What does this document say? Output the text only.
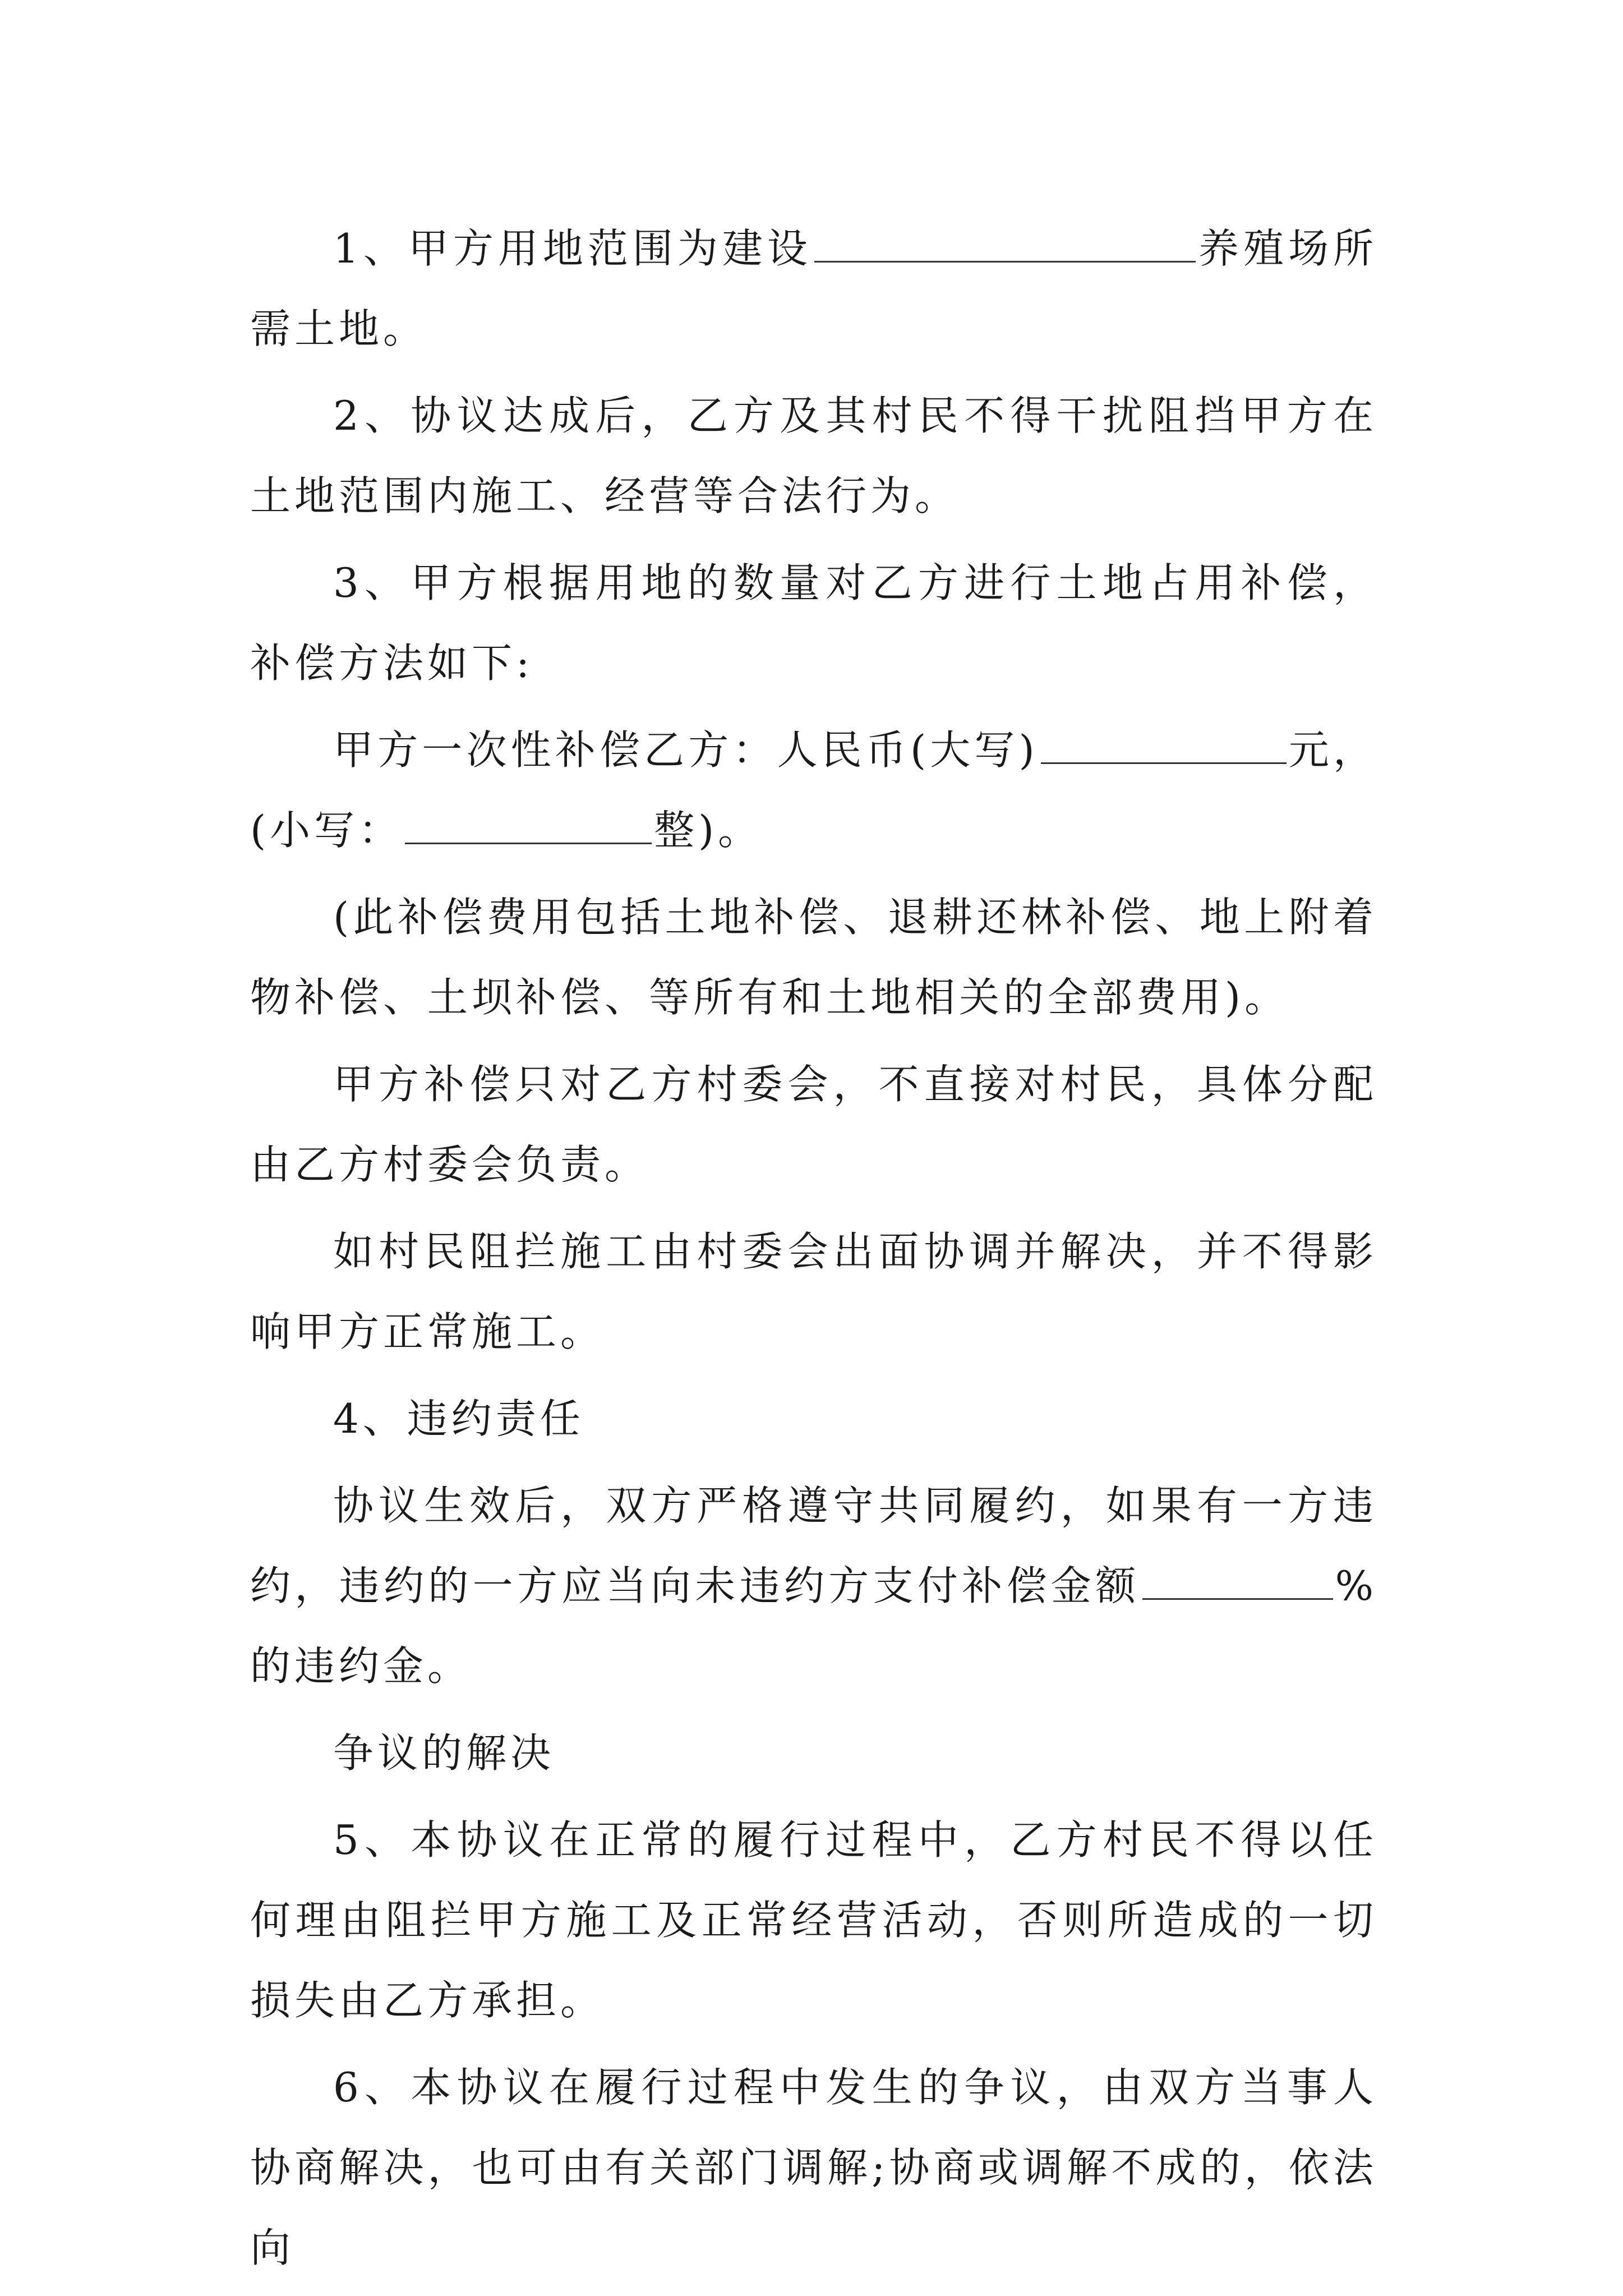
1、甲方用地范围为建设	养殖场所需土地。

2、协议达成后，乙方及其村民不得干扰阻挡甲方在土地范围内施工、经营等合法行为。

3、甲方根据用地的数量对乙方进行土地占用补偿，补偿方法如下:

甲方一次性补偿乙方：人民币(大写)	元，(小写：	整)。

(此补偿费用包括土地补偿、退耕还林补偿、地上附着物补偿、土坝补偿、等所有和土地相关的全部费用)。

甲方补偿只对乙方村委会，不直接对村民，具体分配由乙方村委会负责。

如村民阻拦施工由村委会出面协调并解决，并不得影响甲方正常施工。

4、违约责任

协议生效后，双方严格遵守共同履约，如果有一方违约，违约的一方应当向未违约方支付补偿金额	%的违约金。

争议的解决

5、本协议在正常的履行过程中，乙方村民不得以任何理由阻拦甲方施工及正常经营活动，否则所造成的一切损失由乙方承担。

6、本协议在履行过程中发生的争议，由双方当事人协商解决，也可由有关部门调解;协商或调解不成的，依法向
